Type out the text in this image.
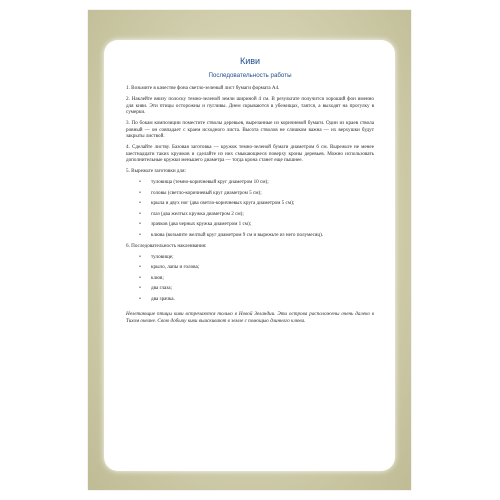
Киви
Последовательность работы

1. Возьмите в качестве фона светло-зеленый лист бумаги формата А4.

2. Наклейте внизу полоску темно-зеленой земли шириной 4 см. В результате получится хороший фон именно для киви. Эти птицы осторожны и пугливы. Днем скрываются в убежищах, таятся, а выходят на прогулку в сумерки.

3. По бокам композиции поместите стволы деревьев, вырезанные из коричневой бумаги. Один из краев ствола ровный — он совпадает с краем исходного листа. Высота стволов не слишком важна — их верхушки будут закрыты листвой.

4. Сделайте листву. Базовая заготовка — кружок темно-зеленой бумаги диаметром 6 см. Вырежьте не менее шестнадцати таких кружков и сделайте из них смыкающиеся поверху кроны деревьев. Можно использовать дополнительные кружки меньшего диаметра — тогда крона станет еще пышнее.

5. Вырежьте заготовки для:

• туловища (темно-коричневый круг диаметром 10 см);
• головы (светло-коричневый круг диаметром 5 см);
• крыла и двух ног (два светло-коричневых круга диаметром 5 см);
• глаз (два желтых кружка диаметром 2 см);
• зрачков (два черных кружка диаметром 1 см);
• клюва (возьмите желтый круг диаметром 9 см и вырежьте из него полумесяц).

6. Последовательность наклеивания:

• туловище;
• крыло, лапы и голова;
• клюв;
• два глаза;
• два зрачка.

Нелетающие птицы киви встречаются только в Новой Зеландии. Эти острова расположены очень далеко в Тихом океане. Свою добычу киви выискивают в земле с помощью длинного клюва.
